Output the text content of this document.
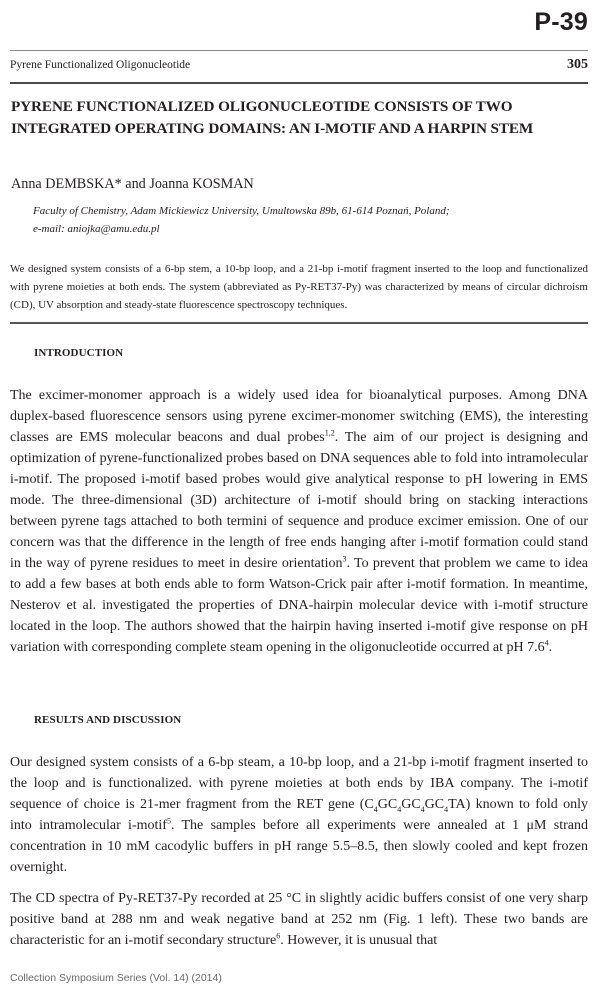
P-39
Pyrene Functionalized Oligonucleotide	305
PYRENE FUNCTIONALIZED OLIGONUCLEOTIDE CONSISTS OF TWO INTEGRATED OPERATING DOMAINS: AN I-MOTIF AND A HARPIN STEM
Anna DEMBSKA* and Joanna KOSMAN
Faculty of Chemistry, Adam Mickiewicz University, Umultowska 89b, 61-614 Poznań, Poland;
e-mail: aniojka@amu.edu.pl

We designed system consists of a 6-bp stem, a 10-bp loop, and a 21-bp i-motif fragment inserted to the loop and functionalized with pyrene moieties at both ends. The system (abbreviated as Py-RET37-Py) was characterized by means of circular dichroism (CD), UV absorption and steady-state fluorescence spectroscopy techniques.

INTRODUCTION

The excimer-monomer approach is a widely used idea for bioanalytical purposes. Among DNA duplex-based fluorescence sensors using pyrene excimer-monomer switching (EMS), the interesting classes are EMS molecular beacons and dual probes$^{1,2}$. The aim of our project is designing and optimization of pyrene-functionalized probes based on DNA sequences able to fold into intramolecular i-motif. The proposed i-motif based probes would give analytical response to pH lowering in EMS mode. The three-dimensional (3D) architecture of i-motif should bring on stacking interactions between pyrene tags attached to both termini of sequence and produce excimer emission. One of our concern was that the difference in the length of free ends hanging after i-motif formation could stand in the way of pyrene residues to meet in desire orientation$^3$. To prevent that problem we came to idea to add a few bases at both ends able to form Watson-Crick pair after i-motif formation. In meantime, Nesterov et al. investigated the properties of DNA-hairpin molecular device with i-motif structure located in the loop. The authors showed that the hairpin having inserted i-motif give response on pH variation with corresponding complete steam opening in the oligonucleotide occurred at pH $7.6^4$.

RESULTS AND DISCUSSION

Our designed system consists of a 6-bp steam, a 10-bp loop, and a 21-bp i-motif fragment inserted to the loop and is functionalized. with pyrene moieties at both ends by IBA company. The i-motif sequence of choice is 21-mer fragment from the RET gene $(C_4GC_4GC_4GC_4TA)$ known to fold only into intramolecular i-motif$^5$. The samples before all experiments were annealed at 1 μM strand concentration in 10 mM cacodylic buffers in pH range 5.5–8.5, then slowly cooled and kept frozen overnight.

The CD spectra of Py-RET37-Py recorded at 25 °C in slightly acidic buffers consist of one very sharp positive band at 288 nm and weak negative band at 252 nm (Fig. 1 left). These two bands are characteristic for an i-motif secondary structure$^6$. However, it is unusual that

Collection Symposium Series (Vol. 14) (2014)
